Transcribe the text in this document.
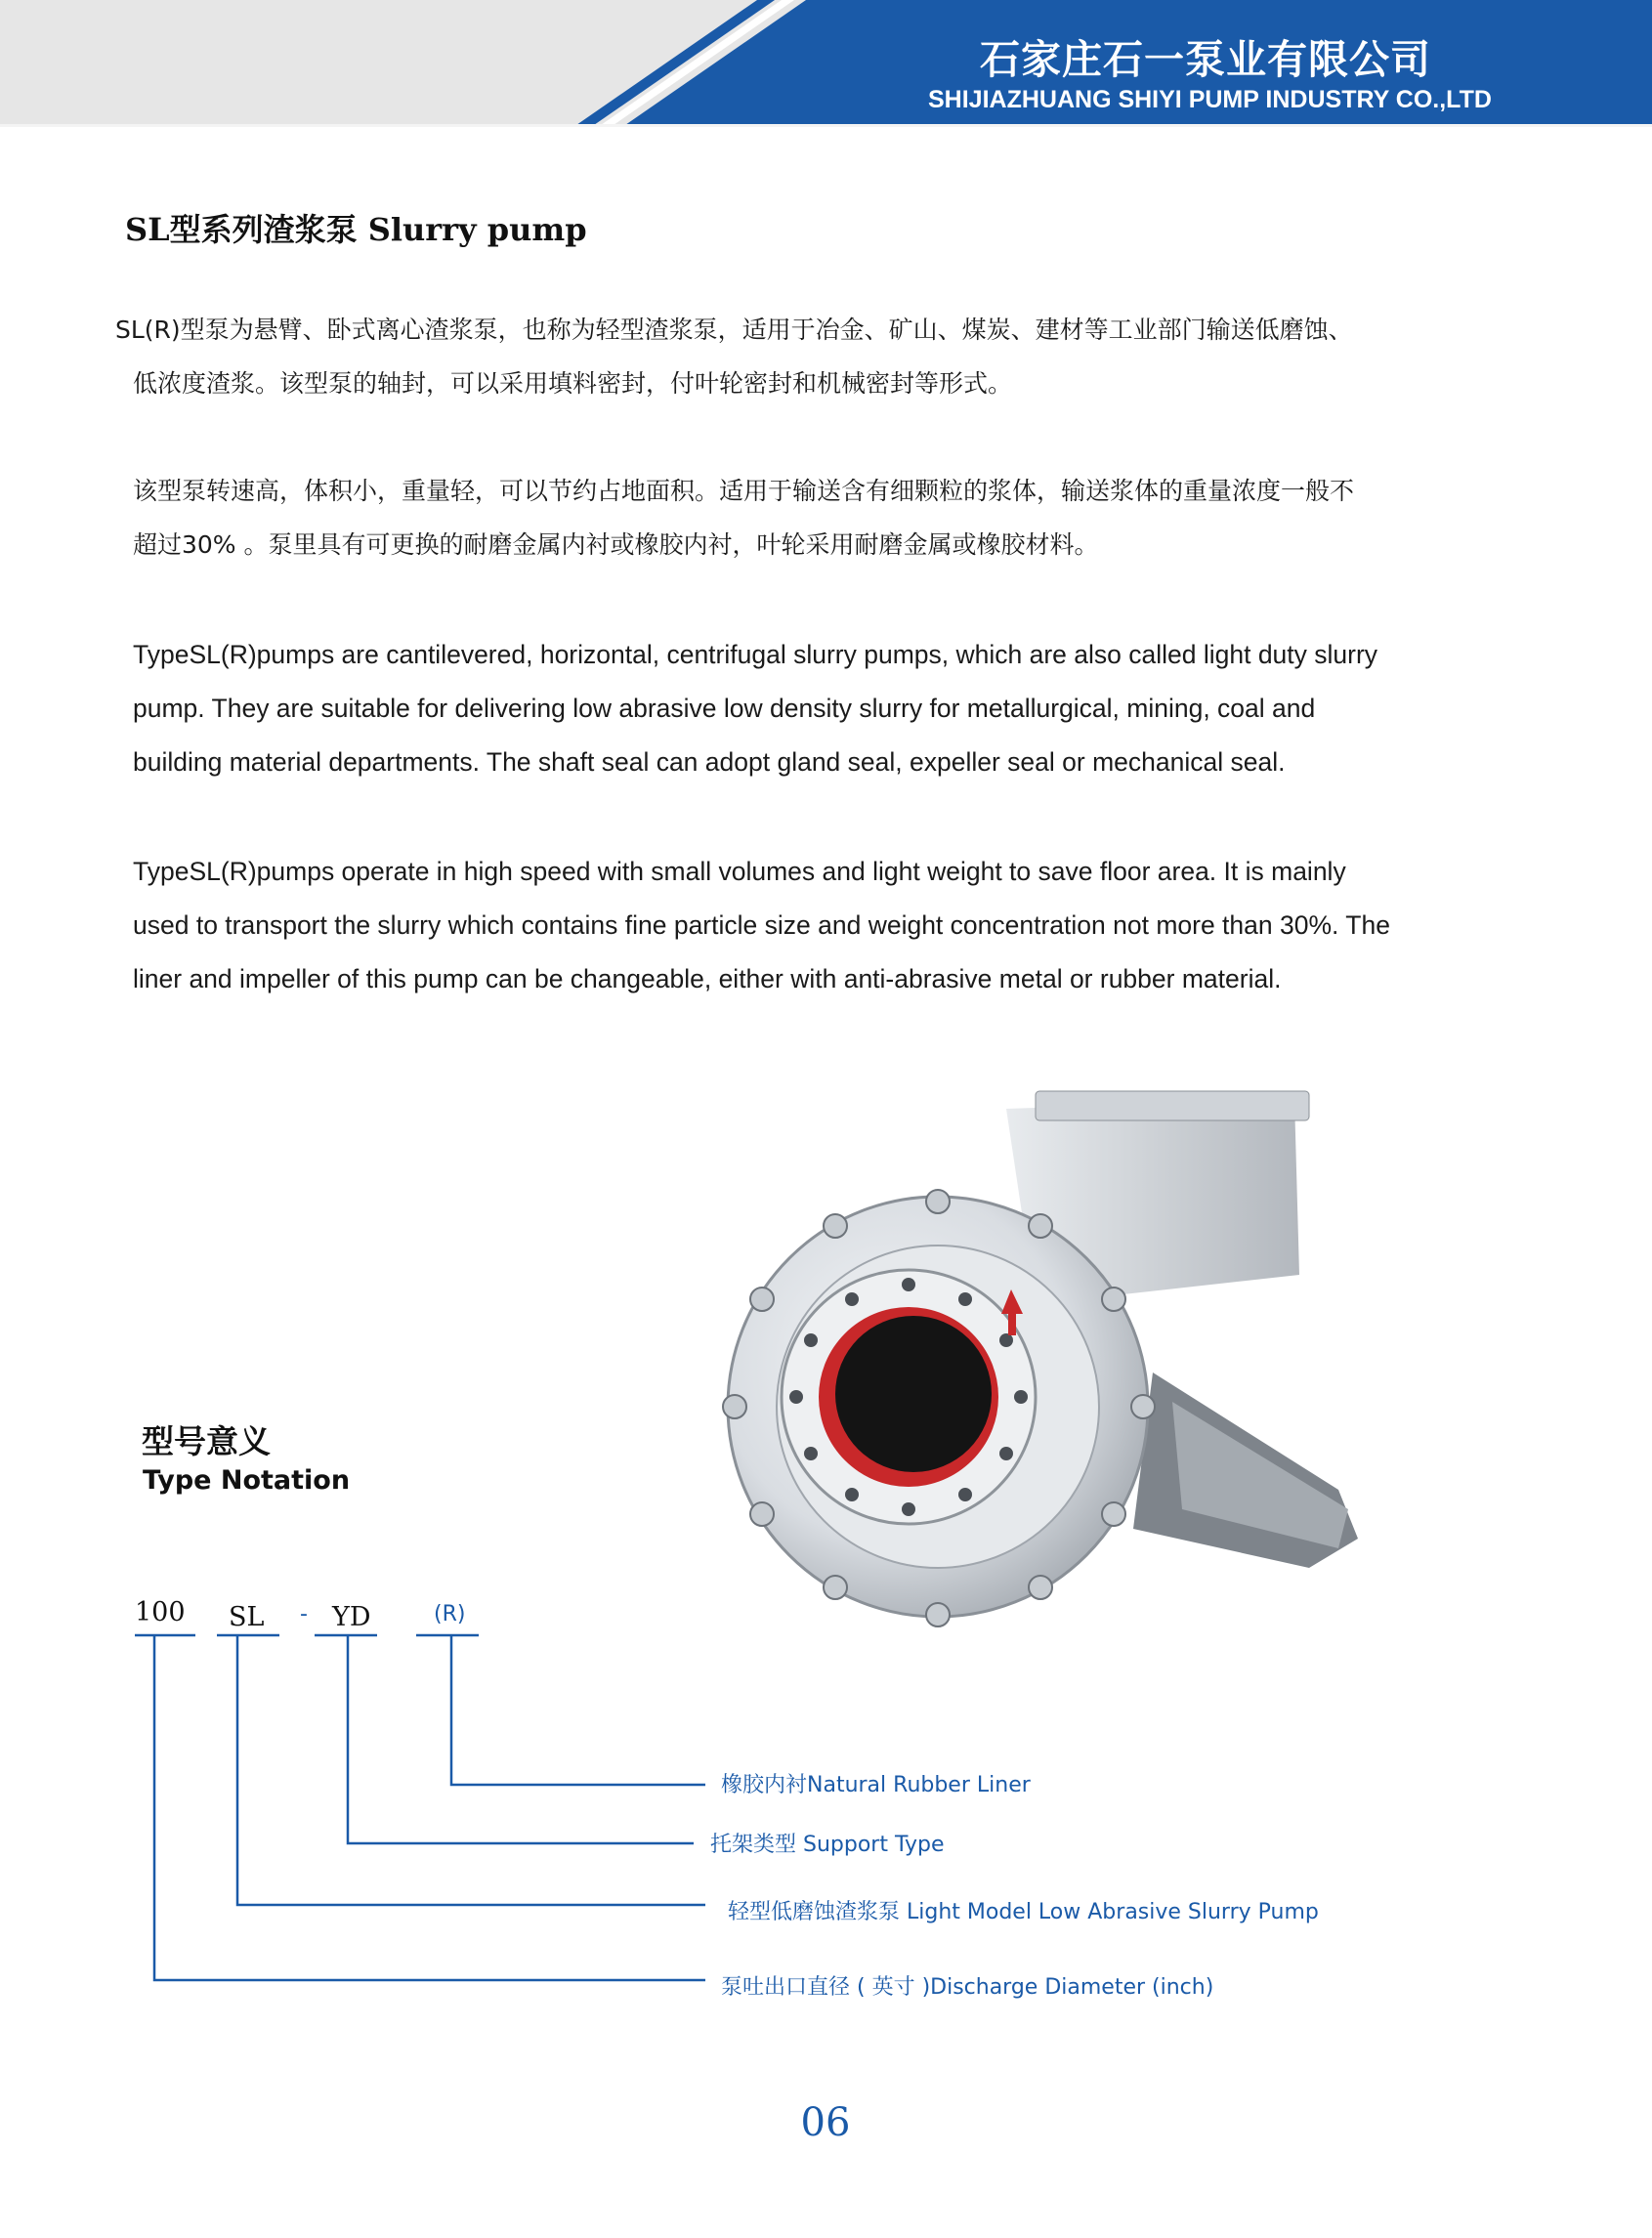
石家庄石一泵业有限公司
SHIJIAZHUANG SHIYI PUMP INDUSTRY CO.,LTD
SL型系列渣浆泵 Slurry pump
SL(R)型泵为悬臂、卧式离心渣浆泵，也称为轻型渣浆泵，适用于冶金、矿山、煤炭、建材等工业部门输送低磨蚀、
低浓度渣浆。该型泵的轴封，可以采用填料密封，付叶轮密封和机械密封等形式。
该型泵转速高，体积小，重量轻，可以节约占地面积。适用于输送含有细颗粒的浆体，输送浆体的重量浓度一般不
超过30% 。泵里具有可更换的耐磨金属内衬或橡胶内衬，叶轮采用耐磨金属或橡胶材料。
TypeSL(R)pumps are cantilevered, horizontal, centrifugal slurry pumps, which are also called light duty slurry
pump. They are suitable for delivering low abrasive low density slurry for metallurgical, mining, coal and
building material departments. The shaft seal can adopt gland seal, expeller seal or mechanical seal.
TypeSL(R)pumps operate in high speed with small volumes and light weight to save floor area. It is mainly
used to transport the slurry which contains fine particle size and weight concentration not more than 30%. The
liner and impeller of this pump can be changeable, either with anti-abrasive metal or rubber material.
型号意义
Type Notation
100 SL - YD	(R)
橡胶内衬Natural Rubber Liner
托架类型 Support Type
轻型低磨蚀渣浆泵 Light Model Low Abrasive Slurry Pump
泵吐出口直径 ( 英寸 )Discharge Diameter (inch)
06
